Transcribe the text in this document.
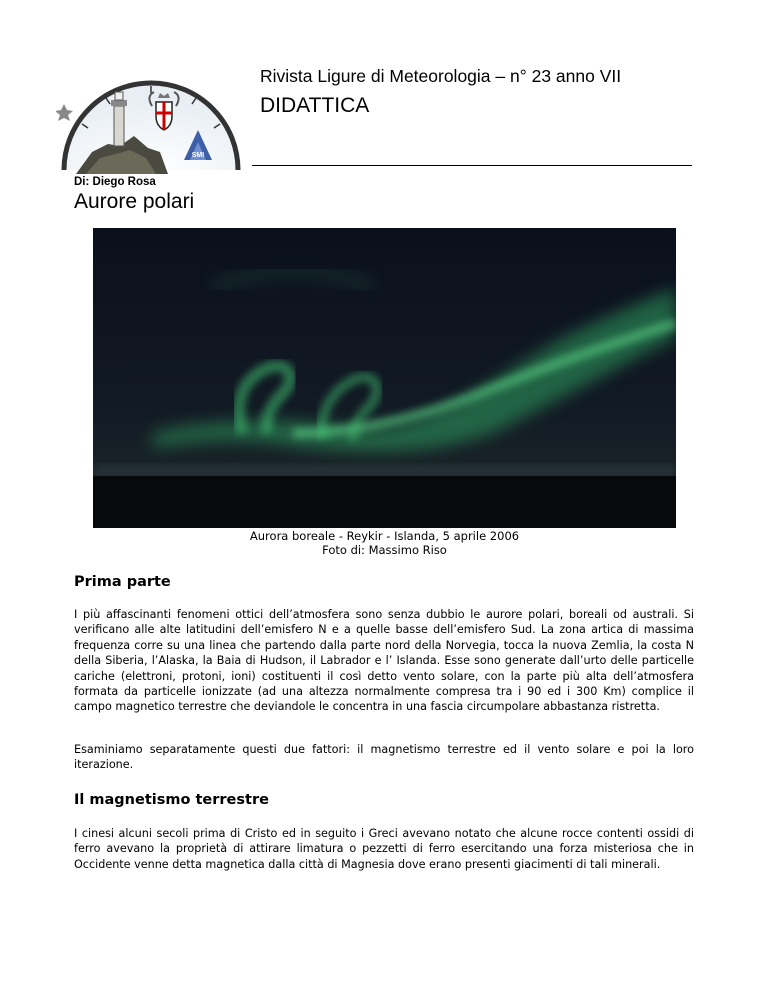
SMI
Rivista Ligure di Meteorologia – n° 23 anno VII
DIDATTICA
Di: Diego Rosa
Aurore polari
Aurora boreale - Reykir - Islanda, 5 aprile 2006
Foto di: Massimo Riso
Prima parte
I più affascinanti fenomeni ottici dell’atmosfera sono senza dubbio le aurore polari, boreali od australi. Si verificano alle alte latitudini dell’emisfero N e a quelle basse dell’emisfero Sud. La zona artica di massima frequenza corre su una linea che partendo dalla parte nord della Norvegia, tocca la nuova Zemlia, la costa N della Siberia, l’Alaska, la Baia di Hudson, il Labrador e l’ Islanda. Esse sono generate dall’urto delle particelle cariche (elettroni, protoni, ioni) costituenti il così detto vento solare, con la parte più alta dell’atmosfera formata da particelle ionizzate (ad una altezza normalmente compresa tra i 90 ed i 300 Km) complice il campo magnetico terrestre che deviandole le concentra in una fascia circumpolare abbastanza ristretta.
Esaminiamo separatamente questi due fattori: il magnetismo terrestre ed il vento solare e poi la loro iterazione.
Il magnetismo terrestre
I cinesi alcuni secoli prima di Cristo ed in seguito i Greci avevano notato che alcune rocce contenti ossidi di ferro avevano la proprietà di attirare limatura o pezzetti di ferro esercitando una forza misteriosa che in Occidente venne detta magnetica dalla città di Magnesia dove erano presenti giacimenti di tali minerali.
